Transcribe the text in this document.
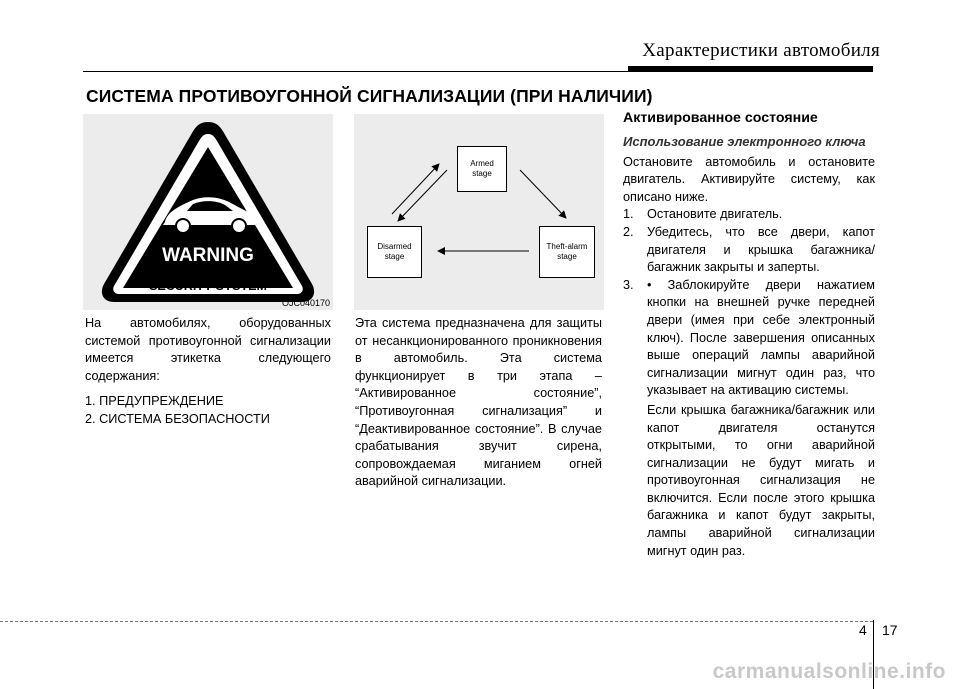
Характеристики автомобиля
СИСТЕМА ПРОТИВОУГОННОЙ СИГНАЛИЗАЦИИ (ПРИ НАЛИЧИИ)
WARNING
SECURITY SYSTEM
OJC040170
Armed
stage
Disarmed
stage
Theft-alarm
stage

На автомобилях, оборудованных системой противоугонной сигнализации имеется этикетка следующего содержания:

1. ПРЕДУПРЕЖДЕНИЕ

2. СИСТЕМА БЕЗОПАСНОСТИ

Эта система предназначена для защиты от несанкционированного проникновения в автомобиль. Эта система функционирует в три этапа – “Активированное состояние”, “Противоугонная сигнализация” и “Деактивированное состояние”. В случае срабатывания звучит сирена, сопровождаемая миганием огней аварийной сигнализации.

Активированное состояние
Использование электронного ключа

Остановите автомобиль и остановите двигатель. Активируйте систему, как описано ниже.

1.	Остановите двигатель.
2.	Убедитесь, что все двери, капот двигателя и крышка багажника/багажник закрыты и заперты.
3.	• Заблокируйте двери нажатием кнопки на внешней ручке передней двери (имея при себе электронный ключ). После завершения описанных выше операций лампы аварийной сигнализации мигнут один раз, что указывает на активацию системы.

Если крышка багажника/багажник или капот двигателя останутся открытыми, то огни аварийной сигнализации не будут мигать и противоугонная сигнализация не включится. Если после этого крышка багажника и капот будут закрыты, лампы аварийной сигнализации мигнут один раз.

4 17
carmanualsonline.info
